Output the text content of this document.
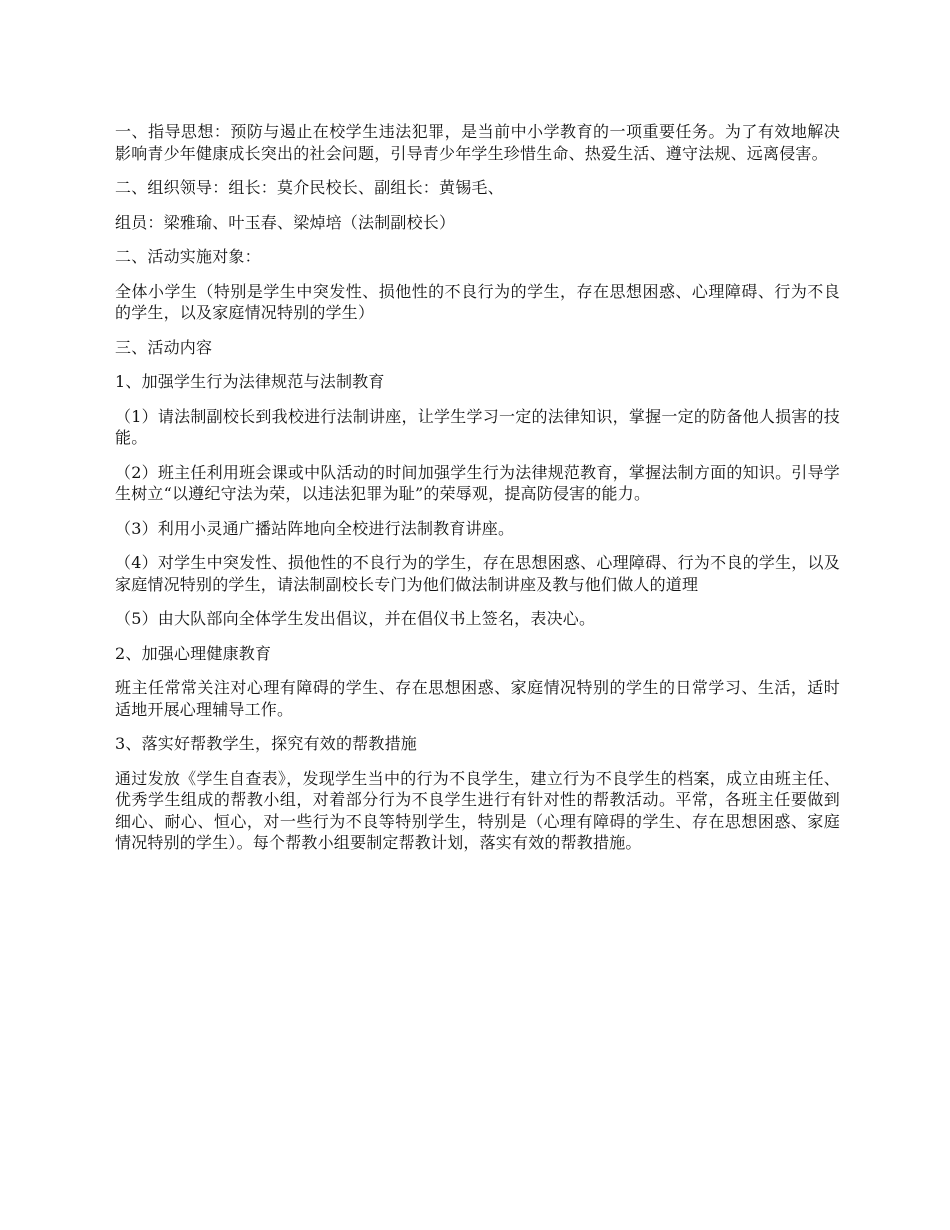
一、指导思想：预防与遏止在校学生违法犯罪，是当前中小学教育的一项重要任务。为了有效地解决影响青少年健康成长突出的社会问题，引导青少年学生珍惜生命、热爱生活、遵守法规、远离侵害。

二、组织领导：组长：莫介民校长、副组长：黄锡毛、

组员：梁雅瑜、叶玉春、梁焯培（法制副校长）

二、活动实施对象：

全体小学生（特别是学生中突发性、损他性的不良行为的学生，存在思想困惑、心理障碍、行为不良的学生，以及家庭情况特别的学生）

三、活动内容

1、加强学生行为法律规范与法制教育

（1）请法制副校长到我校进行法制讲座，让学生学习一定的法律知识，掌握一定的防备他人损害的技能。

（2）班主任利用班会课或中队活动的时间加强学生行为法律规范教育，掌握法制方面的知识。引导学生树立“以遵纪守法为荣，以违法犯罪为耻”的荣辱观，提高防侵害的能力。

（3）利用小灵通广播站阵地向全校进行法制教育讲座。

（4）对学生中突发性、损他性的不良行为的学生，存在思想困惑、心理障碍、行为不良的学生，以及家庭情况特别的学生，请法制副校长专门为他们做法制讲座及教与他们做人的道理

（5）由大队部向全体学生发出倡议，并在倡仪书上签名，表决心。

2、加强心理健康教育

班主任常常关注对心理有障碍的学生、存在思想困惑、家庭情况特别的学生的日常学习、生活，适时适地开展心理辅导工作。

3、落实好帮教学生，探究有效的帮教措施

通过发放《学生自查表》，发现学生当中的行为不良学生，建立行为不良学生的档案，成立由班主任、优秀学生组成的帮教小组，对着部分行为不良学生进行有针对性的帮教活动。平常，各班主任要做到细心、耐心、恒心，对一些行为不良等特别学生，特别是（心理有障碍的学生、存在思想困惑、家庭情况特别的学生）。每个帮教小组要制定帮教计划，落实有效的帮教措施。
